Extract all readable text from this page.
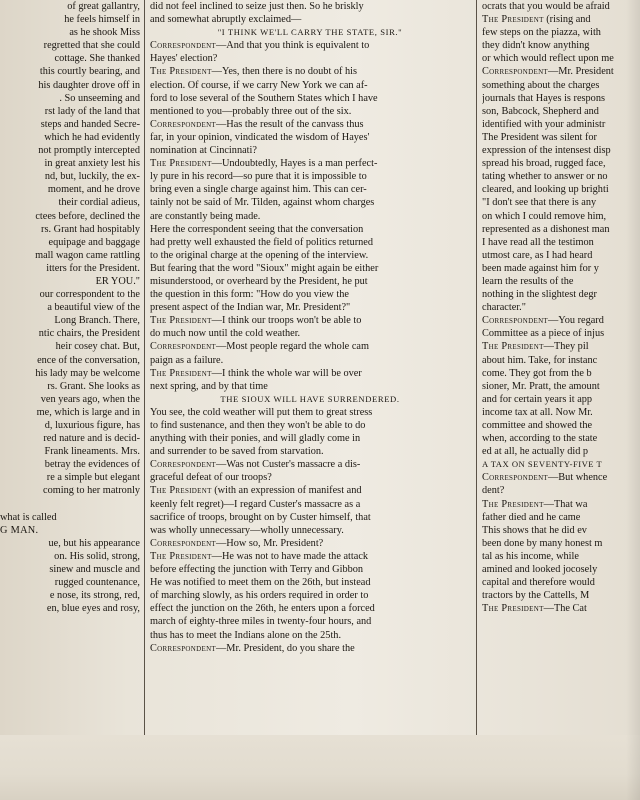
of great gallantry,

he feels himself in

as he shook Miss

regretted that she could

cottage. She thanked

this courtly bearing, and

his daughter drove off in

. So unseeming and

rst lady of the land that

steps and handed Secre-

which he had evidently

not promptly intercepted

in great anxiety lest his

nd, but, luckily, the ex-

moment, and he drove

their cordial adieus,

ctees before, declined the

rs. Grant had hospitably

equipage and baggage

mall wagon came rattling

itters for the President.

ER YOU."

our correspondent to the

a beautiful view of the

Long Branch. There,

ntic chairs, the President

heir cosey chat. But,

ence of the conversation,

his lady may be welcome

rs. Grant. She looks as

ven years ago, when the

me, which is large and in

d, luxurious figure, has

red nature and is decid-

Frank lineaments. Mrs.

betray the evidences of

re a simple but elegant

coming to her matronly

what is called

G MAN.

ue, but his appearance

on. His solid, strong,

sinew and muscle and

rugged countenance,

e nose, its strong, red,

en, blue eyes and rosy,

did not feel inclined to seize just then. So he briskly

and somewhat abruptly exclaimed—

"I THINK WE'LL CARRY THE STATE, SIR."

Correspondent—And that you think is equivalent to

Hayes' election?

The President—Yes, then there is no doubt of his

election. Of course, if we carry New York we can af-

ford to lose several of the Southern States which I have

mentioned to you—probably three out of the six.

Correspondent—Has the result of the canvass thus

far, in your opinion, vindicated the wisdom of Hayes'

nomination at Cincinnati?

The President—Undoubtedly, Hayes is a man perfect-

ly pure in his record—so pure that it is impossible to

bring even a single charge against him. This can cer-

tainly not be said of Mr. Tilden, against whom charges

are constantly being made.

Here the correspondent seeing that the conversation

had pretty well exhausted the field of politics returned

to the original charge at the opening of the interview.

But fearing that the word "Sioux" might again be either

misunderstood, or overheard by the President, he put

the question in this form: "How do you view the

present aspect of the Indian war, Mr. President?"

The President—I think our troops won't be able to

do much now until the cold weather.

Correspondent—Most people regard the whole cam

paign as a failure.

The President—I think the whole war will be over

next spring, and by that time

THE SIOUX WILL HAVE SURRENDERED.

You see, the cold weather will put them to great stress

to find sustenance, and then they won't be able to do

anything with their ponies, and will gladly come in

and surrender to be saved from starvation.

Correspondent—Was not Custer's massacre a dis-

graceful defeat of our troops?

The President (with an expression of manifest and

keenly felt regret)—I regard Custer's massacre as a

sacrifice of troops, brought on by Custer himself, that

was wholly unnecessary—wholly unnecessary.

Correspondent—How so, Mr. President?

The President—He was not to have made the attack

before effecting the junction with Terry and Gibbon

He was notified to meet them on the 26th, but instead

of marching slowly, as his orders required in order to

effect the junction on the 26th, he enters upon a forced

march of eighty-three miles in twenty-four hours, and

thus has to meet the Indians alone on the 25th.

Correspondent—Mr. President, do you share the

ocrats that you would be afraid

The President (rising and

few steps on the piazza, with

they didn't know anything

or which would reflect upon me

Correspondent—Mr. President

something about the charges

journals that Hayes is respons

son, Babcock, Shepherd and

identified with your administr

The President was silent for

expression of the intensest disp

spread his broad, rugged face,

tating whether to answer or no

cleared, and looking up brighti

"I don't see that there is any

on which I could remove him,

represented as a dishonest man

I have read all the testimon

utmost care, as I had heard

been made against him for y

learn the results of the

nothing in the slightest degr

character."

Correspondent—You regard

Committee as a piece of injus

The President—They pil

about him. Take, for instanc

come. They got from the b

sioner, Mr. Pratt, the amount

and for certain years it app

income tax at all. Now Mr.

committee and showed the

when, according to the state

ed at all, he actually did p

A TAX ON SEVENTY-FIVE T

Correspondent—But whence

dent?

The President—That wa

father died and he came

This shows that he did ev

been done by many honest m

tal as his income, while

amined and looked jocosely

capital and therefore would

tractors by the Cattells, M

The President—The Cat
